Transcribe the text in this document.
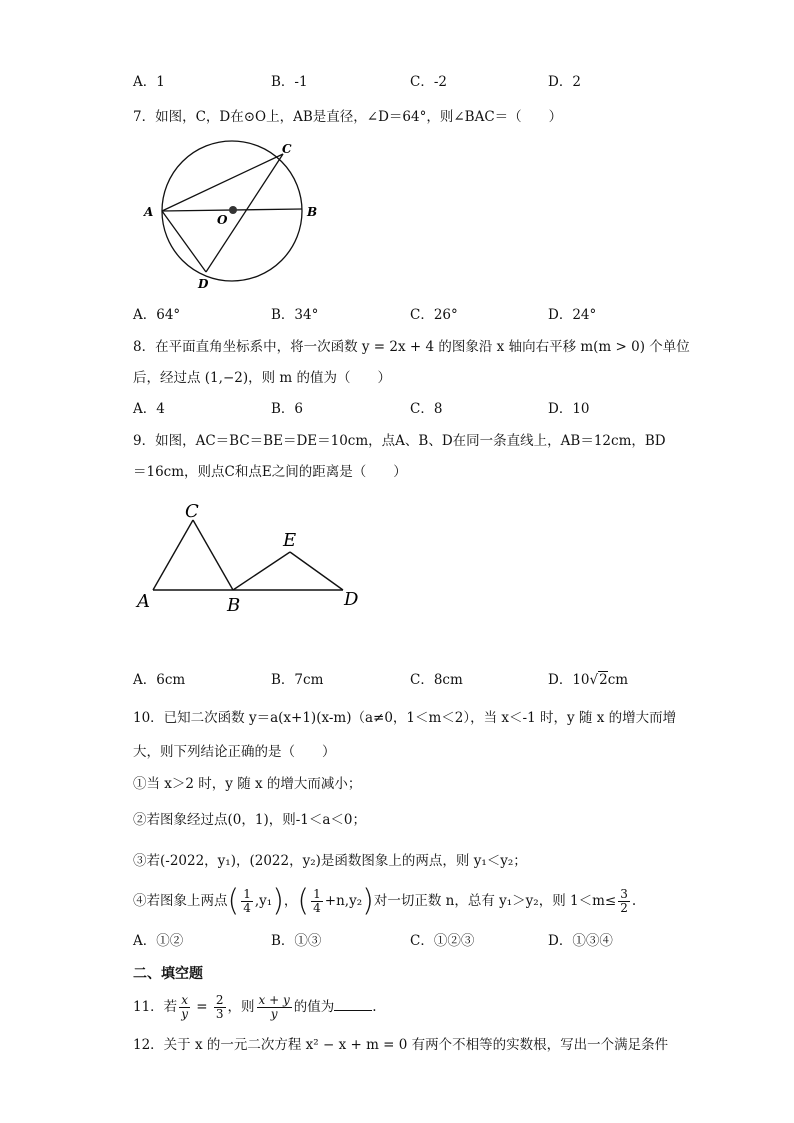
A．1	B．-1	C．-2	D．2
7．如图，C，D在⊙O上，AB是直径，∠D＝64°，则∠BAC＝（　　）
A	B
C
D
O
A．64°	B．34°	C．26°	D．24°
8．在平面直角坐标系中，将一次函数 y = 2x + 4 的图象沿 x 轴向右平移 m(m > 0) 个单位
后，经过点 (1,−2)，则 m 的值为（　　）
A．4	B．6	C．8	D．10
9．如图，AC＝BC＝BE＝DE＝10cm，点A、B、D在同一条直线上，AB＝12cm，BD
＝16cm，则点C和点E之间的距离是（　　）
A	B
C
D
E
A．6cm	B．7cm	C．8cm	D．10√2cm
10．已知二次函数 y＝a(x+1)(x-m)（a≠0，1＜m＜2），当 x＜-1 时，y 随 x 的增大而增
大，则下列结论正确的是（　　）
①当 x＞2 时，y 随 x 的增大而减小；
②若图象经过点(0，1)，则-1＜a＜0；
③若(-2022，y₁)，(2022，y₂)是函数图象上的两点，则 y₁＜y₂；
④若图象上两点( $\frac{1}{4} ,y_1$)，( $\frac{1}{4} +n,y_2$)对一切正数 n，总有 y₁＞y₂，则 $1<m\le \frac{3}{2}$ .
A．①②	B．①③	C．①②③	D．①③④
二、填空题
11．若 $\frac{x}{y} = \frac{2}{3}$ ，则 $\frac{x + y}{y}$ 的值为	.
12．关于 x 的一元二次方程 x² − x + m = 0 有两个不相等的实数根，写出一个满足条件
